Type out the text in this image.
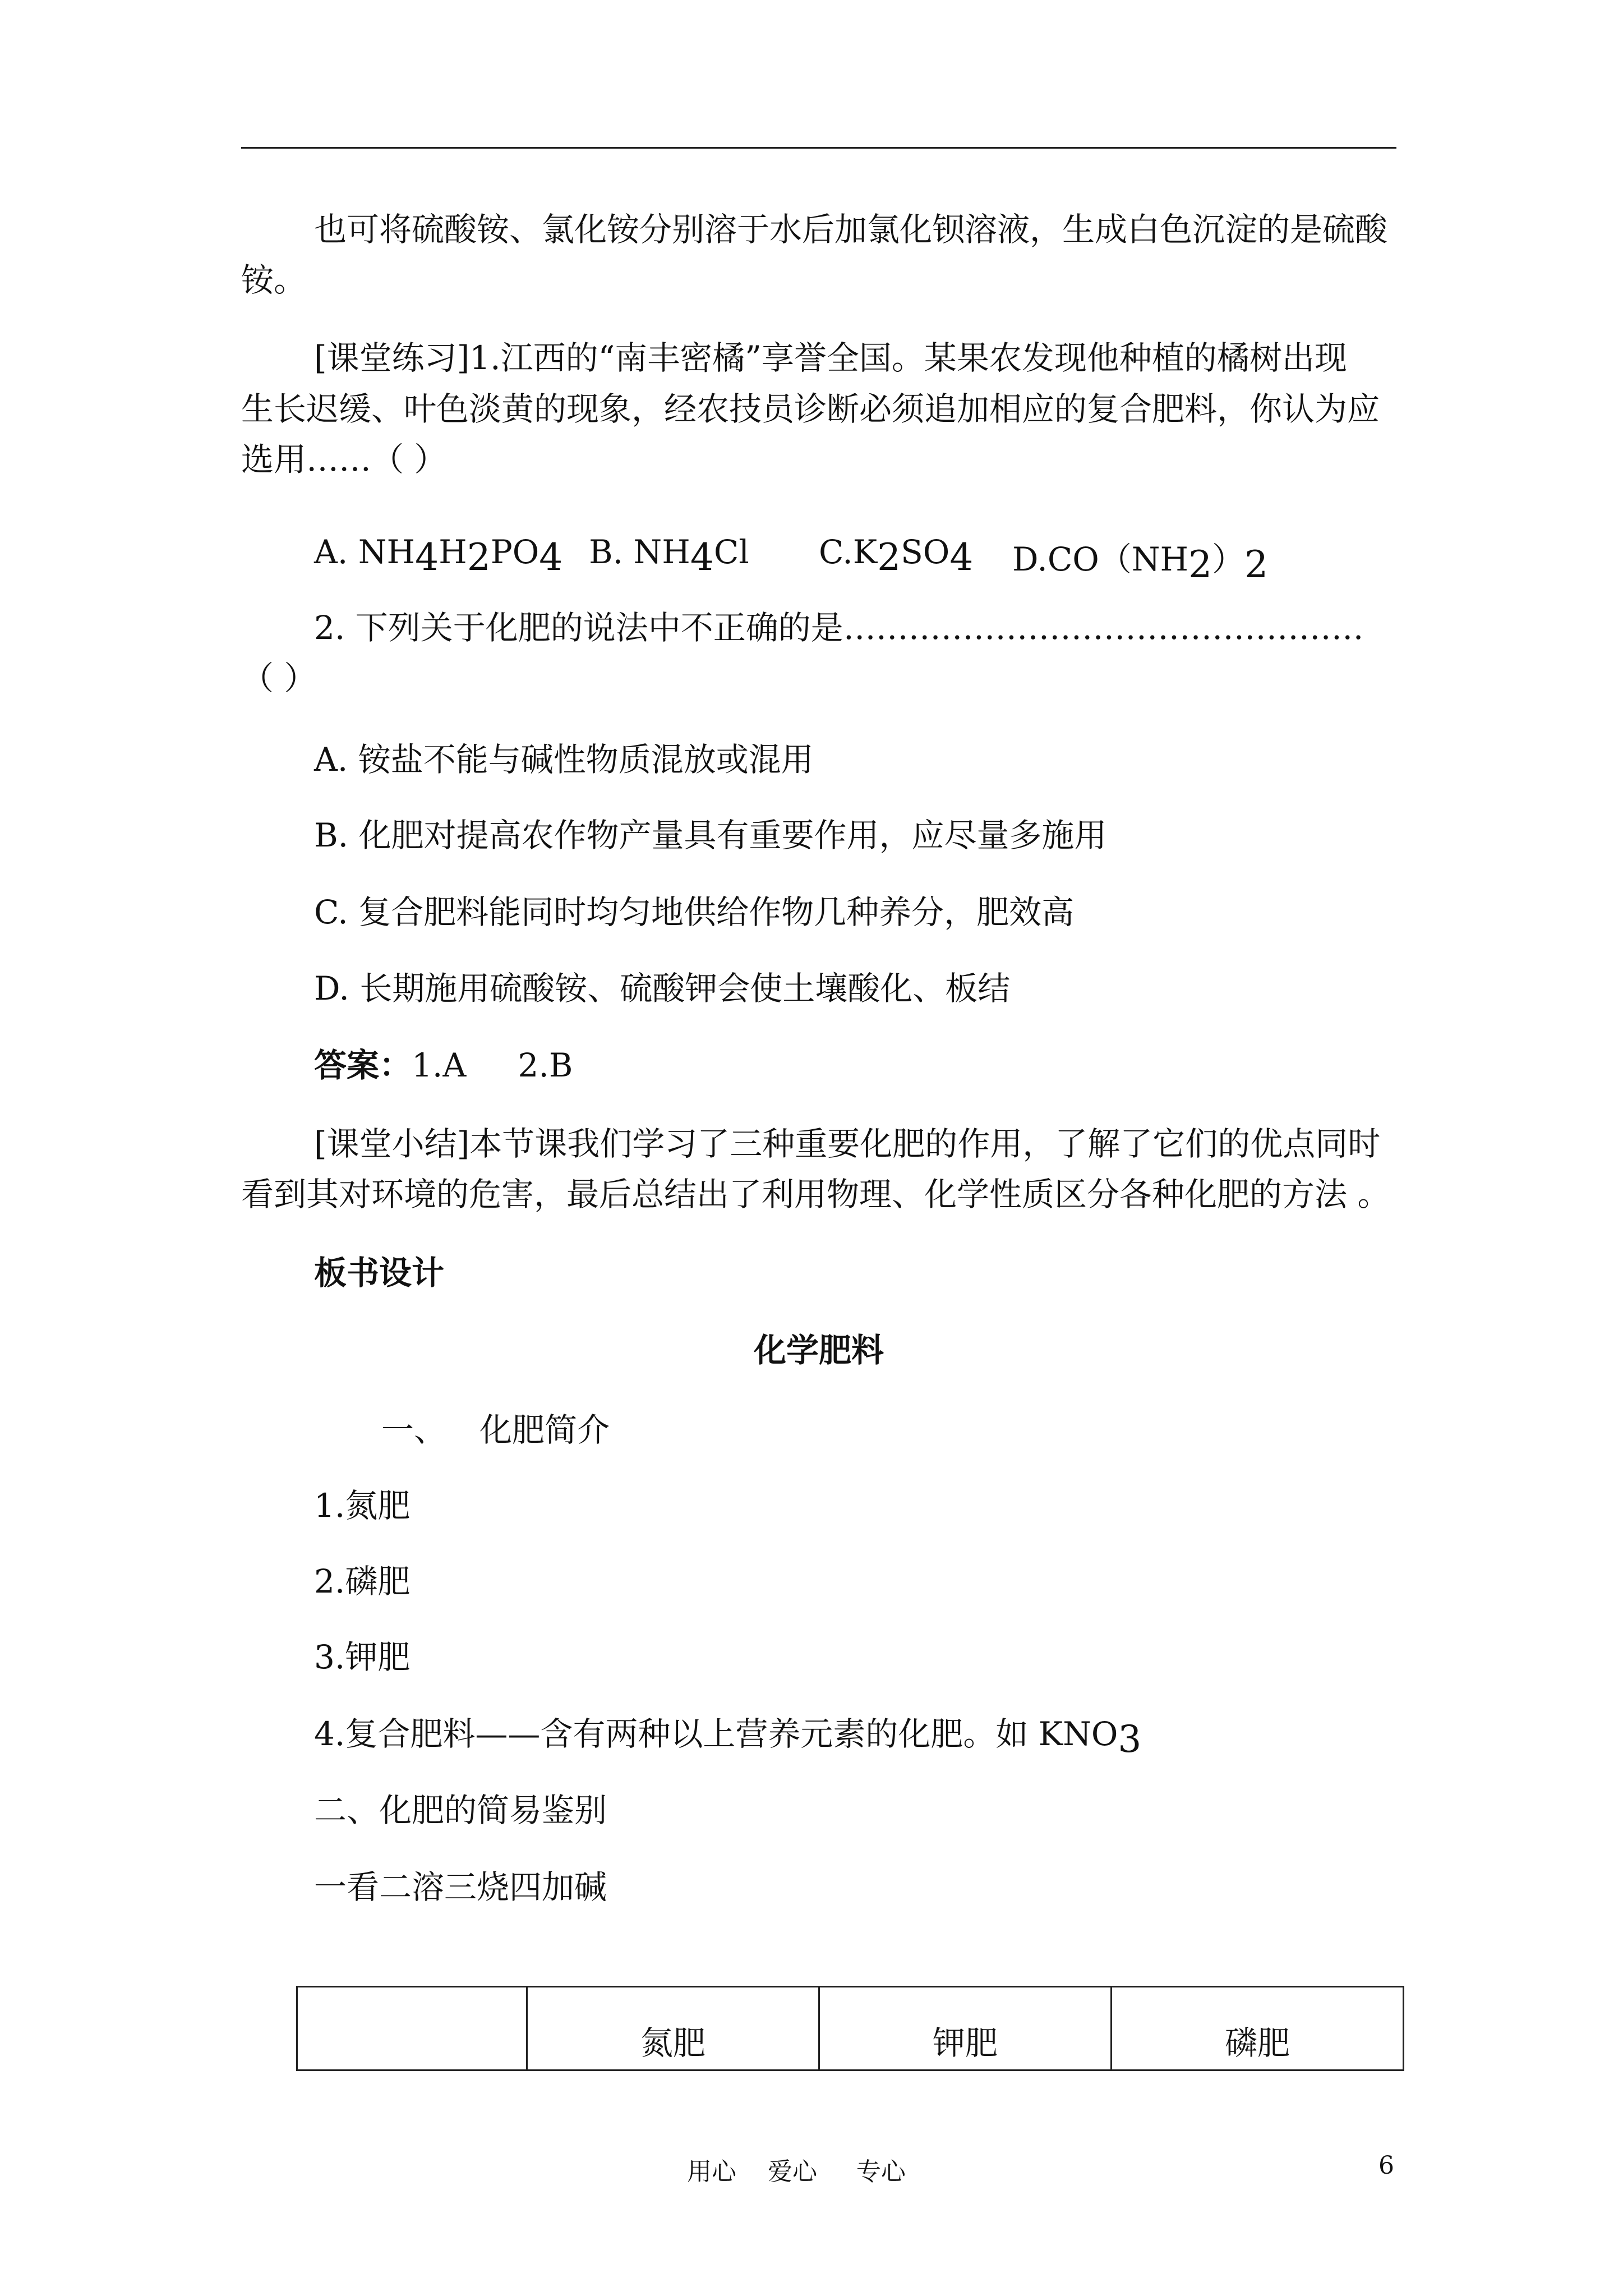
也可将硫酸铵、氯化铵分别溶于水后加氯化钡溶液，生成白色沉淀的是硫酸

铵。

[课堂练习]1.江西的“南丰密橘”享誉全国。某果农发现他种植的橘树出现

生长迟缓、叶色淡黄的现象，经农技员诊断必须追加相应的复合肥料，你认为应

选用……（ ）

A. $NH_4H_2PO_4$ B. $NH_4Cl$ $C.K_2SO_4$ $D.CO(NH_2)_2$

2. 下列关于化肥的说法中不正确的是…………………………………………

（ ）

A. 铵盐不能与碱性物质混放或混用

B. 化肥对提高农作物产量具有重要作用，应尽量多施用

C. 复合肥料能同时均匀地供给作物几种养分，肥效高

D. 长期施用硫酸铵、硫酸钾会使土壤酸化、板结

答案：1.A     2.B

[课堂小结]本节课我们学习了三种重要化肥的作用，了解了它们的优点同时

看到其对环境的危害，最后总结出了利用物理、化学性质区分各种化肥的方法 。

板书设计

化学肥料

一、	化肥简介

1.氮肥

2.磷肥

3.钾肥

4.复合肥料——含有两种以上营养元素的化肥。如 $KNO_3$

二、化肥的简易鉴别

一看二溶三烧四加碱

	氮肥	钾肥	磷肥
用心    爱心     专心	6
